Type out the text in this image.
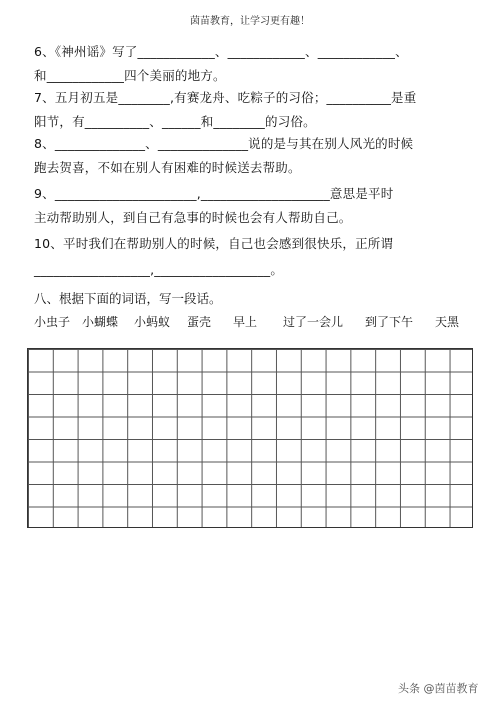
茵苗教育，让学习更有趣！
6、《神州谣》写了____________、____________、____________、
和____________四个美丽的地方。
7、五月初五是________,有赛龙舟、吃粽子的习俗；__________是重
阳节，有__________、______和________的习俗。
8、______________、______________说的是与其在别人风光的时候
跑去贺喜，不如在别人有困难的时候送去帮助。
9、______________________,____________________意思是平时
主动帮助别人，到自己有急事的时候也会有人帮助自己。
10、平时我们在帮助别人的时候，自己也会感到很快乐，正所谓
__________________,__________________。
八、根据下面的词语，写一段话。
小虫子 小蝴蝶 小蚂蚁 蛋壳 早上 过了一会儿 到了下午 天黑
头条 @茵苗教育
